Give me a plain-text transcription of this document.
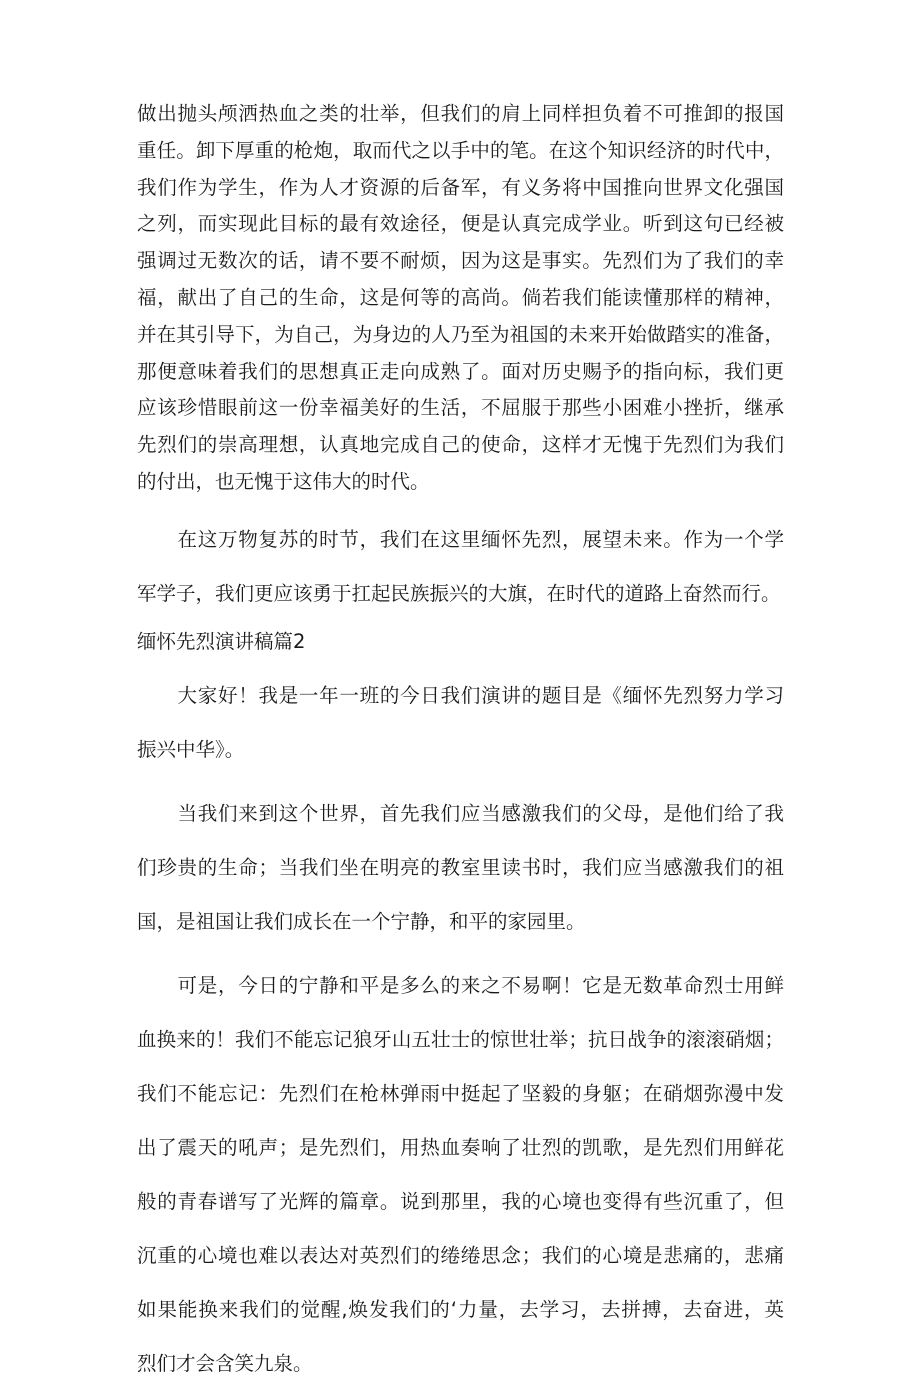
做出抛头颅洒热血之类的壮举，但我们的肩上同样担负着不可推卸的报国
重任。卸下厚重的枪炮，取而代之以手中的笔。在这个知识经济的时代中，
我们作为学生，作为人才资源的后备军，有义务将中国推向世界文化强国
之列，而实现此目标的最有效途径，便是认真完成学业。听到这句已经被
强调过无数次的话，请不要不耐烦，因为这是事实。先烈们为了我们的幸
福，献出了自己的生命，这是何等的高尚。倘若我们能读懂那样的精神，
并在其引导下，为自己，为身边的人乃至为祖国的未来开始做踏实的准备，
那便意味着我们的思想真正走向成熟了。面对历史赐予的指向标，我们更
应该珍惜眼前这一份幸福美好的生活，不屈服于那些小困难小挫折，继承
先烈们的崇高理想，认真地完成自己的使命，这样才无愧于先烈们为我们
的付出，也无愧于这伟大的时代。
　　在这万物复苏的时节，我们在这里缅怀先烈，展望未来。作为一个学
军学子，我们更应该勇于扛起民族振兴的大旗，在时代的道路上奋然而行。
缅怀先烈演讲稿篇2
　　大家好！我是一年一班的今日我们演讲的题目是《缅怀先烈努力学习
振兴中华》。
　　当我们来到这个世界，首先我们应当感激我们的父母，是他们给了我
们珍贵的生命；当我们坐在明亮的教室里读书时，我们应当感激我们的祖
国，是祖国让我们成长在一个宁静，和平的家园里。
　　可是，今日的宁静和平是多么的来之不易啊！它是无数革命烈士用鲜
血换来的！我们不能忘记狼牙山五壮士的惊世壮举；抗日战争的滚滚硝烟；
我们不能忘记：先烈们在枪林弹雨中挺起了坚毅的身躯；在硝烟弥漫中发
出了震天的吼声；是先烈们，用热血奏响了壮烈的凯歌，是先烈们用鲜花
般的青春谱写了光辉的篇章。说到那里，我的心境也变得有些沉重了，但
沉重的心境也难以表达对英烈们的绻绻思念；我们的心境是悲痛的，悲痛
如果能换来我们的觉醒,焕发我们的‘力量，去学习，去拼搏，去奋进，英
烈们才会含笑九泉。
